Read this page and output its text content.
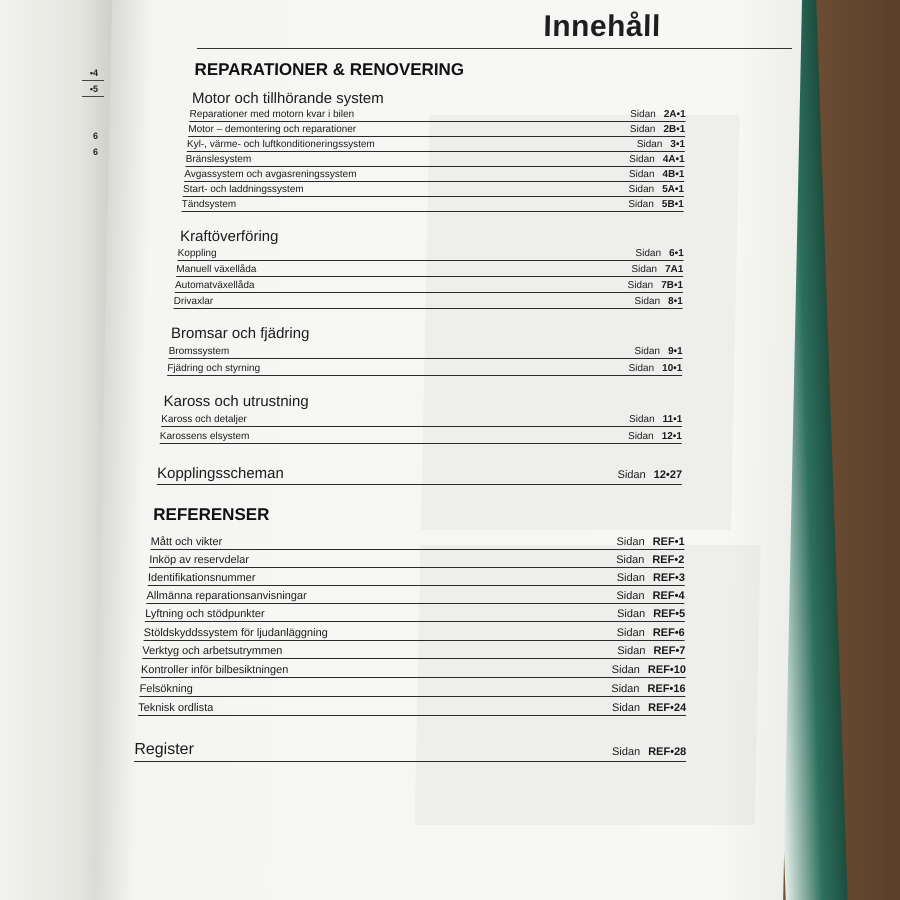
•4
•5
6
6
Innehåll
REPARATIONER & RENOVERING
Motor och tillhörande system
Reparationer med motorn kvar i bilen	Sidan 2A•1
Motor – demontering och reparationer	Sidan 2B•1
Kyl-, värme- och luftkonditioneringssystem	Sidan 3•1
Bränslesystem	Sidan 4A•1
Avgassystem och avgasreningssystem	Sidan 4B•1
Start- och laddningssystem	Sidan 5A•1
Tändsystem	Sidan 5B•1
Kraftöverföring
Koppling	Sidan 6•1
Manuell växellåda	Sidan 7A1
Automatväxellåda	Sidan 7B•1
Drivaxlar	Sidan 8•1
Bromsar och fjädring
Bromssystem	Sidan 9•1
Fjädring och styrning	Sidan 10•1
Kaross och utrustning
Kaross och detaljer	Sidan 11•1
Karossens elsystem	Sidan 12•1
Kopplingsscheman	Sidan 12•27
REFERENSER
Mått och vikter	Sidan REF•1
Inköp av reservdelar	Sidan REF•2
Identifikationsnummer	Sidan REF•3
Allmänna reparationsanvisningar	Sidan REF•4
Lyftning och stödpunkter	Sidan REF•5
Stöldskyddssystem för ljudanläggning	Sidan REF•6
Verktyg och arbetsutrymmen	Sidan REF•7
Kontroller inför bilbesiktningen	Sidan REF•10
Felsökning	Sidan REF•16
Teknisk ordlista	Sidan REF•24
Register	Sidan REF•28
